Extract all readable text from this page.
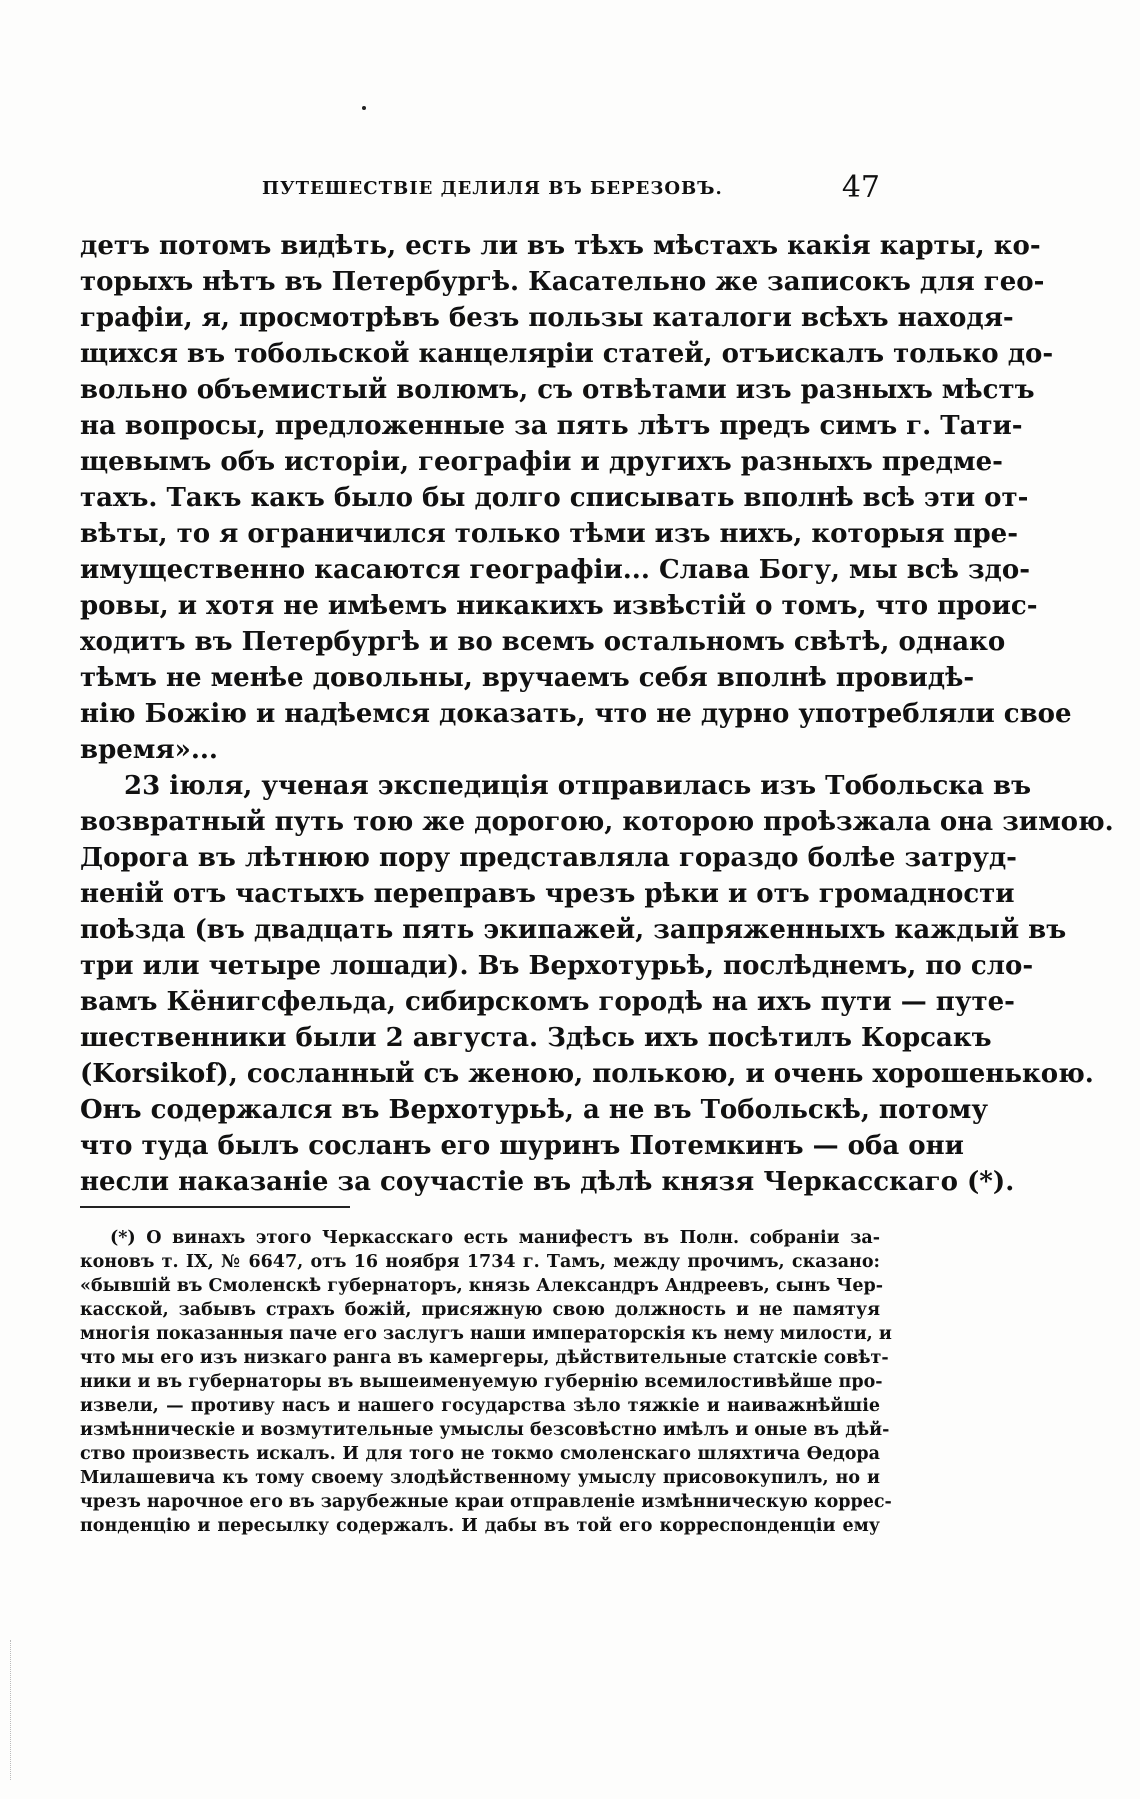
ПУТЕШЕСТВІЕ ДЕЛИЛЯ ВЪ БЕРЕЗОВЪ.	47
детъ потомъ видѣть, есть ли въ тѣхъ мѣстахъ какія карты, ко-
торыхъ нѣтъ въ Петербургѣ. Касательно же записокъ для гео-
графіи, я, просмотрѣвъ безъ пользы каталоги всѣхъ находя-
щихся въ тобольской канцеляріи статей, отъискалъ только до-
вольно объемистый волюмъ, съ отвѣтами изъ разныхъ мѣстъ
на вопросы, предложенные за пять лѣтъ предъ симъ г. Тати-
щевымъ объ исторіи, географіи и другихъ разныхъ предме-
тахъ. Такъ какъ было бы долго списывать вполнѣ всѣ эти от-
вѣты, то я ограничился только тѣми изъ нихъ, которыя пре-
имущественно касаются географіи... Слава Богу, мы всѣ здо-
ровы, и хотя не имѣемъ никакихъ извѣстій о томъ, что проис-
ходитъ въ Петербургѣ и во всемъ остальномъ свѣтѣ, однако
тѣмъ не менѣе довольны, вручаемъ себя вполнѣ провидѣ-
нію Божію и надѣемся доказать, что не дурно употребляли свое
время»...
23 іюля, ученая экспедиція отправилась изъ Тобольска въ
возвратный путь тою же дорогою, которою проѣзжала она зимою.
Дорога въ лѣтнюю пору представляла гораздо болѣе затруд-
неній отъ частыхъ переправъ чрезъ рѣки и отъ громадности
поѣзда (въ двадцать пять экипажей, запряженныхъ каждый въ
три или четыре лошади). Въ Верхотурьѣ, послѣднемъ, по сло-
вамъ Кёнигсфельда, сибирскомъ городѣ на ихъ пути — путе-
шественники были 2 августа. Здѣсь ихъ посѣтилъ Корсакъ
(Korsikof), сосланный съ женою, полькою, и очень хорошенькою.
Онъ содержался въ Верхотурьѣ, а не въ Тобольскѣ, потому
что туда былъ сосланъ его шуринъ Потемкинъ — оба они
несли наказаніе за соучастіе въ дѣлѣ князя Черкасскаго (*).
(*) О винахъ этого Черкасскаго есть манифестъ въ Полн. собраніи за-
коновъ т. IX, № 6647, отъ 16 ноября 1734 г. Тамъ, между прочимъ, сказано:
«бывшій въ Смоленскѣ губернаторъ, князь Александръ Андреевъ, сынъ Чер-
касской, забывъ страхъ божій, присяжную свою должность и не памятуя
многія показанныя паче его заслугъ наши императорскія къ нему милости, и
что мы его изъ низкаго ранга въ камергеры, дѣйствительные статскіе совѣт-
ники и въ губернаторы въ вышеименуемую губернію всемилостивѣйше про-
извели, — противу насъ и нашего государства зѣло тяжкіе и наиважнѣйшіе
измѣнническіе и возмутительные умыслы безсовѣстно имѣлъ и оные въ дѣй-
ство произвесть искалъ. И для того не токмо смоленскаго шляхтича Ѳедора
Милашевича къ тому своему злодѣйственному умыслу присовокупилъ, но и
чрезъ нарочное его въ зарубежные краи отправленіе измѣнническую коррес-
понденцію и пересылку содержалъ. И дабы въ той его корреспонденціи ему
